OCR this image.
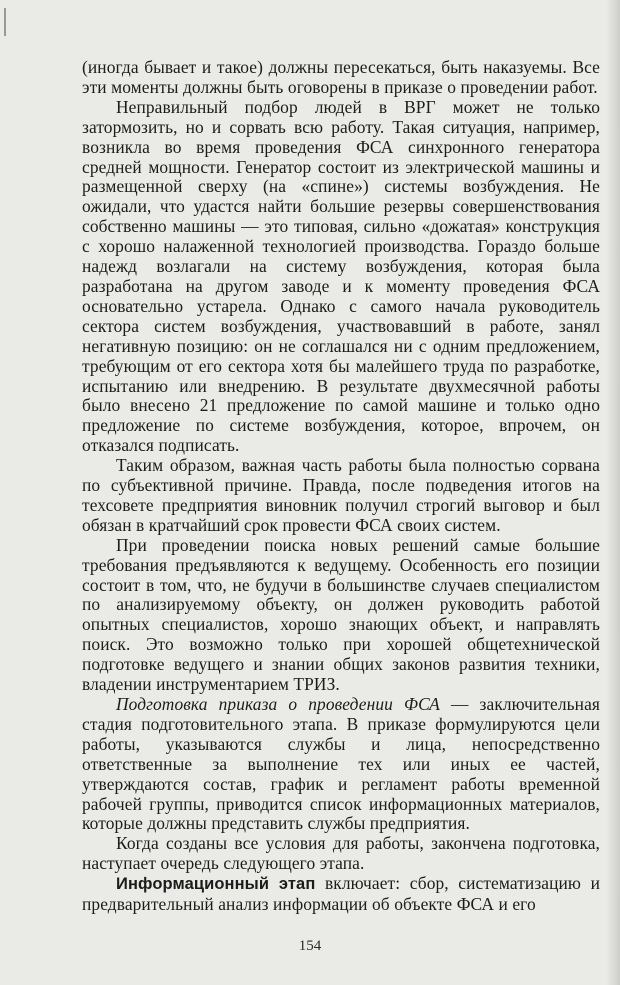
(иногда бывает и такое) должны пересекаться, быть наказуемы. Все эти моменты должны быть оговорены в приказе о проведении работ.

Неправильный подбор людей в ВРГ может не только затормозить, но и сорвать всю работу. Такая ситуация, например, возникла во время проведения ФСА синхронного генератора средней мощности. Генератор состоит из электрической машины и размещенной сверху (на «спине») системы возбуждения. Не ожидали, что удастся найти большие резервы совершенствования собственно машины — это типовая, сильно «дожатая» конструкция с хорошо налаженной технологией производства. Гораздо больше надежд возлагали на систему возбуждения, которая была разработана на другом заводе и к моменту проведения ФСА основательно устарела. Однако с самого начала руководитель сектора систем возбуждения, участвовавший в работе, занял негативную позицию: он не соглашался ни с одним предложением, требующим от его сектора хотя бы малейшего труда по разработке, испытанию или внедрению. В результате двухмесячной работы было внесено 21 предложение по самой машине и только одно предложение по системе возбуждения, которое, впрочем, он отказался подписать.

Таким образом, важная часть работы была полностью сорвана по субъективной причине. Правда, после подведения итогов на техсовете предприятия виновник получил строгий выговор и был обязан в кратчайший срок провести ФСА своих систем.

При проведении поиска новых решений самые большие требования предъявляются к ведущему. Особенность его позиции состоит в том, что, не будучи в большинстве случаев специалистом по анализируемому объекту, он должен руководить работой опытных специалистов, хорошо знающих объект, и направлять поиск. Это возможно только при хорошей общетехнической подготовке ведущего и знании общих законов развития техники, владении инструментарием ТРИЗ.

Подготовка приказа о проведении ФСА — заключительная стадия подготовительного этапа. В приказе формулируются цели работы, указываются службы и лица, непосредственно ответственные за выполнение тех или иных ее частей, утверждаются состав, график и регламент работы временной рабочей группы, приводится список информационных материалов, которые должны представить службы предприятия.

Когда созданы все условия для работы, закончена подготовка, наступает очередь следующего этапа.

Информационный этап включает: сбор, систематизацию и предварительный анализ информации об объекте ФСА и его

154
